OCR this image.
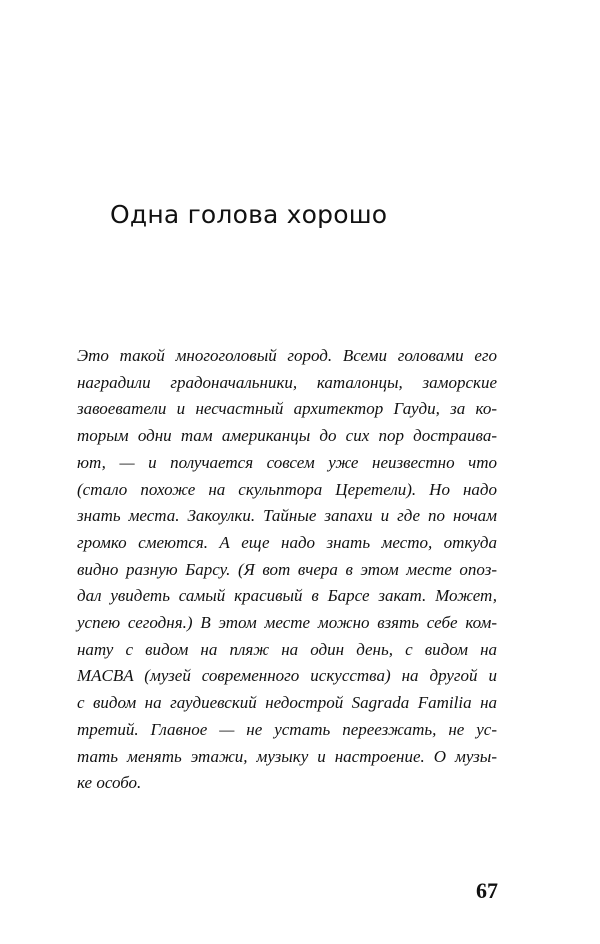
Одна голова хорошо
Это такой многоголовый город. Всеми головами его
наградили градоначальники, каталонцы, заморские
завоеватели и несчастный архитектор Гауди, за ко-
торым одни там американцы до сих пор достраива-
ют, — и получается совсем уже неизвестно что
(стало похоже на скульптора Церетели). Но надо
знать места. Закоулки. Тайные запахи и где по ночам
громко смеются. А еще надо знать место, откуда
видно разную Барсу. (Я вот вчера в этом месте опоз-
дал увидеть самый красивый в Барсе закат. Может,
успею сегодня.) В этом месте можно взять себе ком-
нату с видом на пляж на один день, с видом на
MACBA (музей современного искусства) на другой и
с видом на гаудиевский недострой Sagrada Familia на
третий. Главное — не устать переезжать, не ус-
тать менять этажи, музыку и настроение. О музы-
ке особо.

67
